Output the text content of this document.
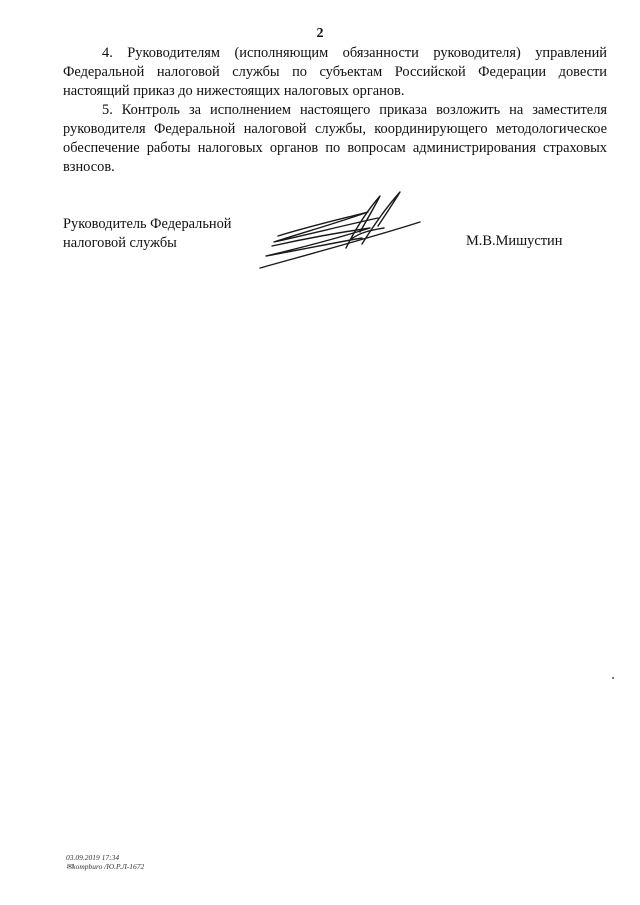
2

4. Руководителям (исполняющим обязанности руководителя) управлений Федеральной налоговой службы по субъектам Российской Федерации довести настоящий приказ до нижестоящих налоговых органов.

5. Контроль за исполнением настоящего приказа возложить на заместителя руководителя Федеральной налоговой службы, координирующего методологическое обеспечение работы налоговых органов по вопросам администрирования страховых взносов.

Руководитель Федеральной
налоговой службы	М.В.Мишустин
03.09.2019 17:34
✉kompburo /Ю.Р.Л-1672
